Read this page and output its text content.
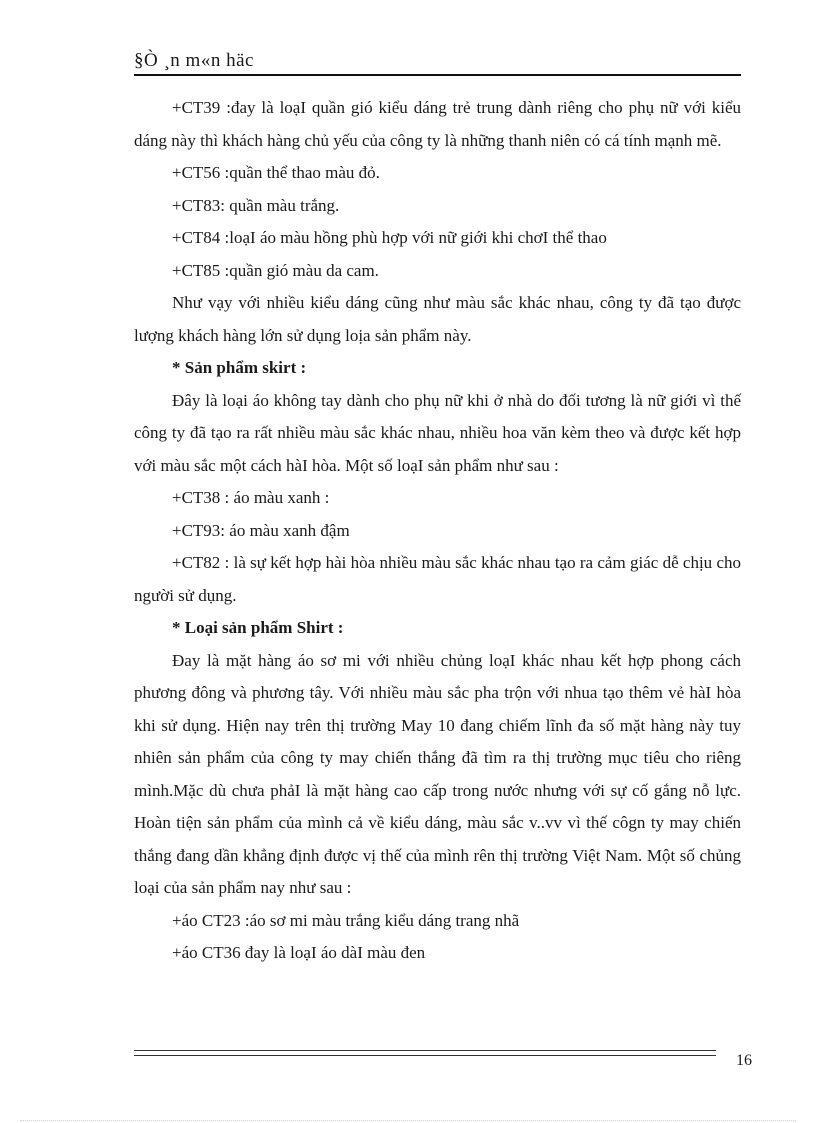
§Ò ¸n m«n häc

+CT39 :đay là loạI quần gió kiểu dáng trẻ trung dành riêng cho phụ nữ với kiểu dáng này thì khách hàng chủ yếu của công ty là những thanh niên có cá tính mạnh mẽ.

+CT56 :quần thể thao màu đỏ.

+CT83: quần màu trắng.

+CT84 :loạI áo màu hồng phù hợp với nữ giới khi chơI thể thao

+CT85 :quần gió màu da cam.

Như vạy với nhiều kiểu dáng cũng như màu sắc khác nhau, công ty đã tạo được lượng khách hàng lớn sử dụng loịa sản phẩm này.

* Sản phẩm skirt :

Đây là loại áo không tay dành cho phụ nữ khi ở nhà do đối tương là nữ giới vì thế công ty đã tạo ra rất nhiều màu sắc khác nhau, nhiều hoa văn kèm theo và được kết hợp với màu sắc một cách hàI hòa. Một số loạI sản phẩm như sau :

+CT38 : áo màu xanh :

+CT93: áo màu xanh đậm

+CT82 : là sự kết hợp hài hòa nhiều màu sắc khác nhau tạo ra cảm giác dễ chịu cho người sử dụng.

* Loại sản phẩm Shirt :

Đay là mặt hàng áo sơ mi với nhiều chủng loạI khác nhau kết hợp phong cách phương đông và phương tây. Với nhiều màu sắc pha trộn với nhua tạo thêm vẻ hàI hòa khi sử dụng. Hiện nay trên thị trường May 10 đang chiếm lĩnh đa số mặt hàng này tuy nhiên sản phẩm của công ty may chiến thắng đã tìm ra thị trường mục tiêu cho riêng mình.Mặc dù chưa phảI là mặt hàng cao cấp trong nước nhưng với sự cố gắng nỗ lực. Hoàn tiện sản phẩm của mình cả về kiểu dáng, màu sắc v..vv vì thế côgn ty may chiến thắng đang dần khẳng định được vị thế của mình rên thị trường Việt Nam. Một số chủng loại của sản phẩm nay như sau :

+áo CT23 :áo sơ mi màu trắng kiểu dáng trang nhã

+áo CT36 đay là loạI áo dàI màu đen

16
